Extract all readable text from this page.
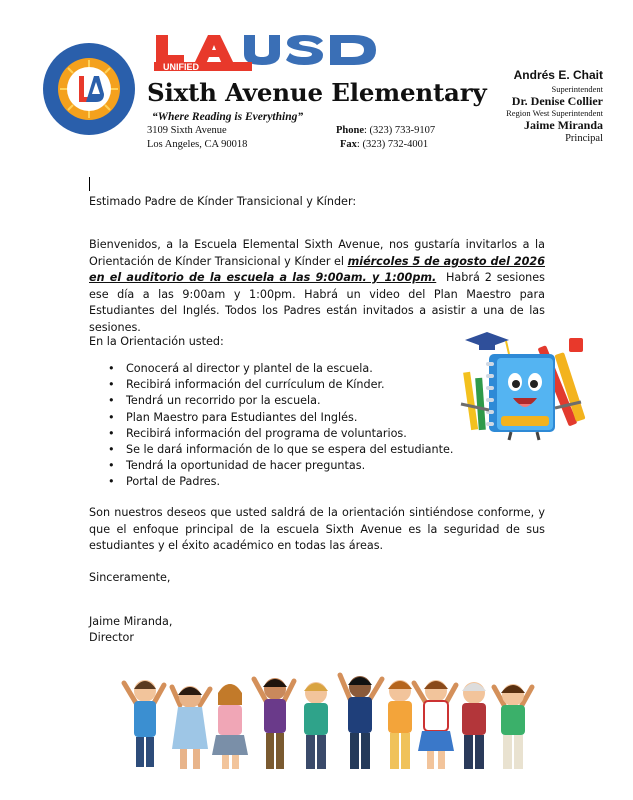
UNIFIED
Sixth Avenue Elementary
“Where Reading is Everything”
3109 Sixth Avenue
Los Angeles, CA 90018
Phone: (323) 733-9107
Fax: (323) 732-4001
Andrés E. Chait
Superintendent
Dr. Denise Collier
Region West Superintendent
Jaime Miranda
Principal
Estimado Padre de Kínder Transicional y Kínder:
Bienvenidos, a la Escuela Elemental Sixth Avenue, nos gustaría invitarlos a la Orientación de Kínder Transicional y Kínder el miércoles 5 de agosto del 2026 en el auditorio de la escuela a las 9:00am. y 1:00pm.  Habrá 2 sesiones ese día a las 9:00am y 1:00pm. Habrá un video del Plan Maestro para Estudiantes del Inglés. Todos los Padres están invitados a asistir a una de las sesiones.
En la Orientación usted:
• Conocerá al director y plantel de la escuela.
• Recibirá información del currículum de Kínder.
• Tendrá un recorrido por la escuela.
• Plan Maestro para Estudiantes del Inglés.
• Recibirá información del programa de voluntarios.
• Se le dará información de lo que se espera del estudiante.
• Tendrá la oportunidad de hacer preguntas.
• Portal de Padres.
Son nuestros deseos que usted saldrá de la orientación sintiéndose conforme, y que el enfoque principal de la escuela Sixth Avenue es la seguridad de sus estudiantes y el éxito académico en todas las áreas.
Sinceramente,
Jaime Miranda,
Director
